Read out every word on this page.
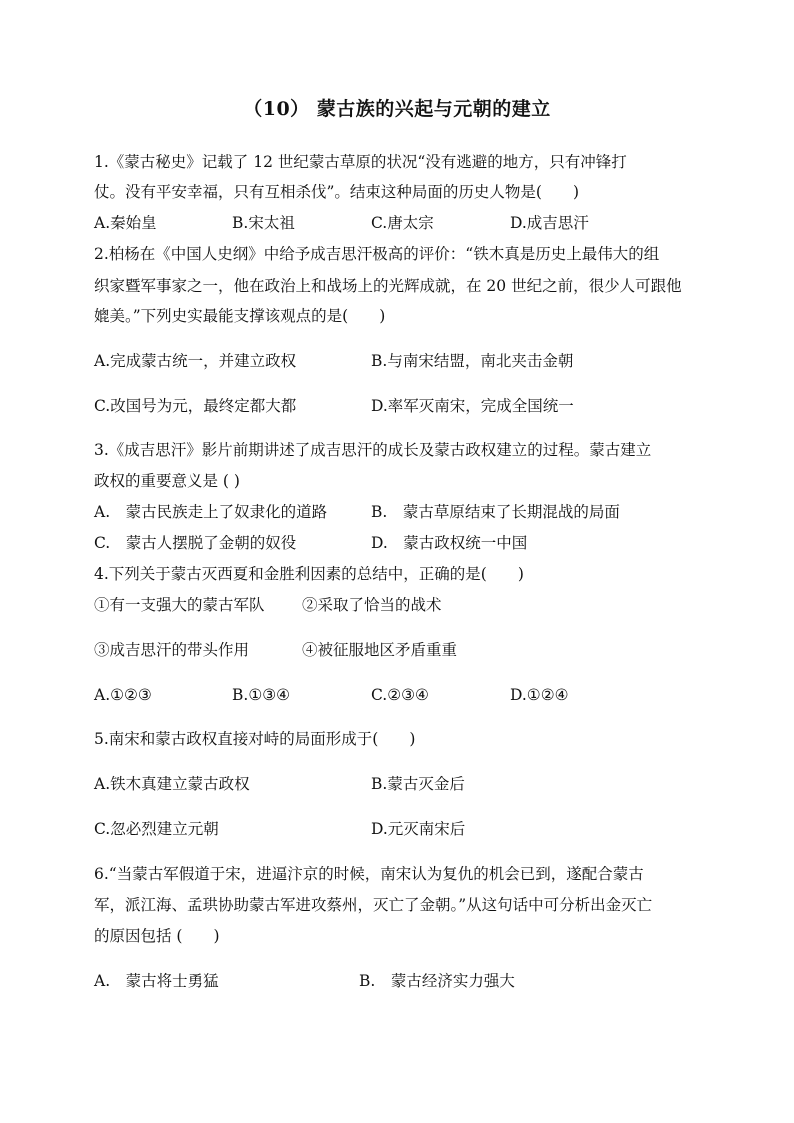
（10） 蒙古族的兴起与元朝的建立
1.《蒙古秘史》记载了 12 世纪蒙古草原的状况“没有逃避的地方，只有冲锋打
仗。没有平安幸福，只有互相杀伐”。结束这种局面的历史人物是(　　)
A.秦始皇	B.宋太祖	C.唐太宗	D.成吉思汗
2.柏杨在《中国人史纲》中给予成吉思汗极高的评价：“铁木真是历史上最伟大的组
织家暨军事家之一，他在政治上和战场上的光辉成就，在 20 世纪之前，很少人可跟他
媲美。”下列史实最能支撑该观点的是(　　)
A.完成蒙古统一，并建立政权	B.与南宋结盟，南北夹击金朝
C.改国号为元，最终定都大都	D.率军灭南宋，完成全国统一
3.《成吉思汗》影片前期讲述了成吉思汗的成长及蒙古政权建立的过程。蒙古建立
政权的重要意义是 ( )
A.　蒙古民族走上了奴隶化的道路	B.　蒙古草原结束了长期混战的局面
C.　蒙古人摆脱了金朝的奴役	D.　蒙古政权统一中国
4.下列关于蒙古灭西夏和金胜利因素的总结中，正确的是(　　)
①有一支强大的蒙古军队 ②采取了恰当的战术
③成吉思汗的带头作用	④被征服地区矛盾重重
A.①②③	B.①③④	C.②③④	D.①②④
5.南宋和蒙古政权直接对峙的局面形成于(　　)
A.铁木真建立蒙古政权	B.蒙古灭金后
C.忽必烈建立元朝	D.元灭南宋后
6.“当蒙古军假道于宋，进逼汴京的时候，南宋认为复仇的机会已到，遂配合蒙古
军，派江海、孟珙协助蒙古军进攻蔡州，灭亡了金朝。”从这句话中可分析出金灭亡
的原因包括 (　　)
A.　蒙古将士勇猛	B.　蒙古经济实力强大
